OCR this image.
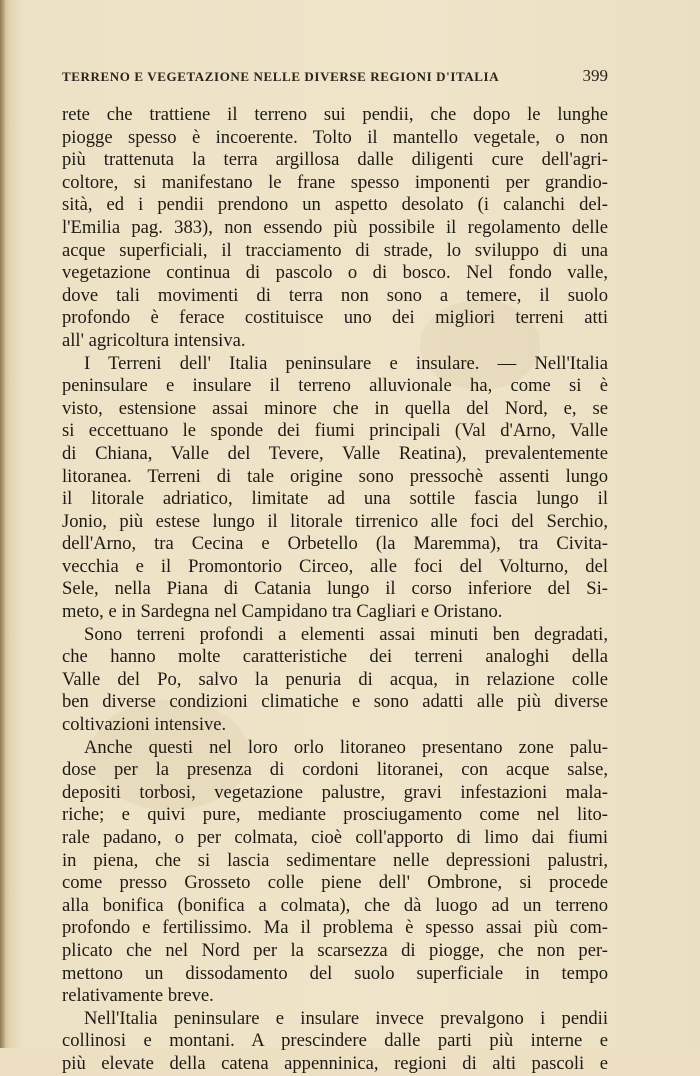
TERRENO E VEGETAZIONE NELLE DIVERSE REGIONI D'ITALIA	399
rete che trattiene il terreno sui pendii, che dopo le lunghe
piogge spesso è incoerente. Tolto il mantello vegetale, o non
più trattenuta la terra argillosa dalle diligenti cure dell'agri-
coltore, si manifestano le frane spesso imponenti per grandio-
sità, ed i pendii prendono un aspetto desolato (i calanchi del-
l'Emilia pag. 383), non essendo più possibile il regolamento delle
acque superficiali, il tracciamento di strade, lo sviluppo di una
vegetazione continua di pascolo o di bosco. Nel fondo valle,
dove tali movimenti di terra non sono a temere, il suolo
profondo è ferace costituisce uno dei migliori terreni atti
all' agricoltura intensiva.
I Terreni dell' Italia peninsulare e insulare. — Nell'Italia
peninsulare e insulare il terreno alluvionale ha, come si è
visto, estensione assai minore che in quella del Nord, e, se
si eccettuano le sponde dei fiumi principali (Val d'Arno, Valle
di Chiana, Valle del Tevere, Valle Reatina), prevalentemente
litoranea. Terreni di tale origine sono pressochè assenti lungo
il litorale adriatico, limitate ad una sottile fascia lungo il
Jonio, più estese lungo il litorale tirrenico alle foci del Serchio,
dell'Arno, tra Cecina e Orbetello (la Maremma), tra Civita-
vecchia e il Promontorio Circeo, alle foci del Volturno, del
Sele, nella Piana di Catania lungo il corso inferiore del Si-
meto, e in Sardegna nel Campidano tra Cagliari e Oristano.
Sono terreni profondi a elementi assai minuti ben degradati,
che hanno molte caratteristiche dei terreni analoghi della
Valle del Po, salvo la penuria di acqua, in relazione colle
ben diverse condizioni climatiche e sono adatti alle più diverse
coltivazioni intensive.
Anche questi nel loro orlo litoraneo presentano zone palu-
dose per la presenza di cordoni litoranei, con acque salse,
depositi torbosi, vegetazione palustre, gravi infestazioni mala-
riche; e quivi pure, mediante prosciugamento come nel lito-
rale padano, o per colmata, cioè coll'apporto di limo dai fiumi
in piena, che si lascia sedimentare nelle depressioni palustri,
come presso Grosseto colle piene dell' Ombrone, si procede
alla bonifica (bonifica a colmata), che dà luogo ad un terreno
profondo e fertilissimo. Ma il problema è spesso assai più com-
plicato che nel Nord per la scarsezza di piogge, che non per-
mettono un dissodamento del suolo superficiale in tempo
relativamente breve.
Nell'Italia peninsulare e insulare invece prevalgono i pendii
collinosi e montani. A prescindere dalle parti più interne e
più elevate della catena appenninica, regioni di alti pascoli e
